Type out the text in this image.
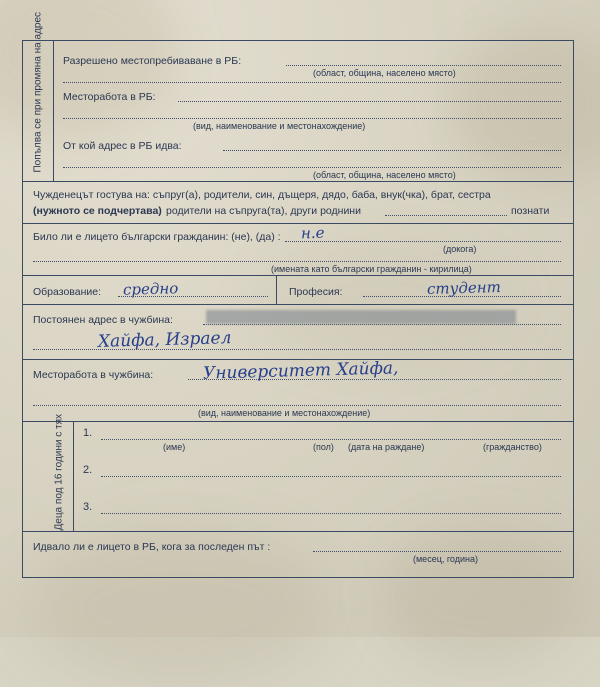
Попълва се при промяна на адрес Разрешено местопребиваване в РБ:
(област, община, населено място)
Месторабота в РБ:
(вид, наименование и местонахождение)
От кой адрес в РБ идва:
(област, община, населено място)
Чужденецът гостува на: съпруг(а), родители, син, дъщеря, дядо, баба, внук(чка), брат, сестра
(нужното се подчертава) родители на съпруга(та), други роднини	познати
Било ли е лицето български гражданин: (не), (да) : н.е
(докога)
(имената като български гражданин - кирилица)
Образование: средно	Професия:	студент
Постоянен адрес в чужбина:
Хайфа, Израел
Месторабота в чужбина:	Университет Хайфа,
(вид, наименование и местонахождение)
Деца под 16 години с тях 1.
(име)	(пол) (дата на раждане)	(гражданство)
2.
3.
Идвало ли е лицето в РБ, кога за последен път :
(месец, година)
